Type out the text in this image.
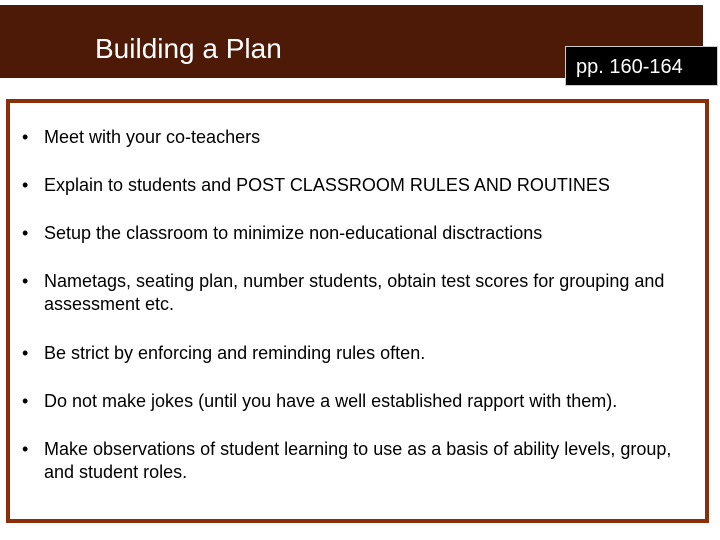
Building a Plan
pp. 160-164
• Meet with your co-teachers
• Explain to students and POST CLASSROOM RULES AND ROUTINES
• Setup the classroom to minimize non-educational disctractions
• Nametags, seating plan, number students, obtain test scores for grouping and assessment etc.
• Be strict by enforcing and reminding rules often.
• Do not make jokes (until you have a well established rapport with them).
• Make observations of student learning to use as a basis of ability levels, group, and student roles.
